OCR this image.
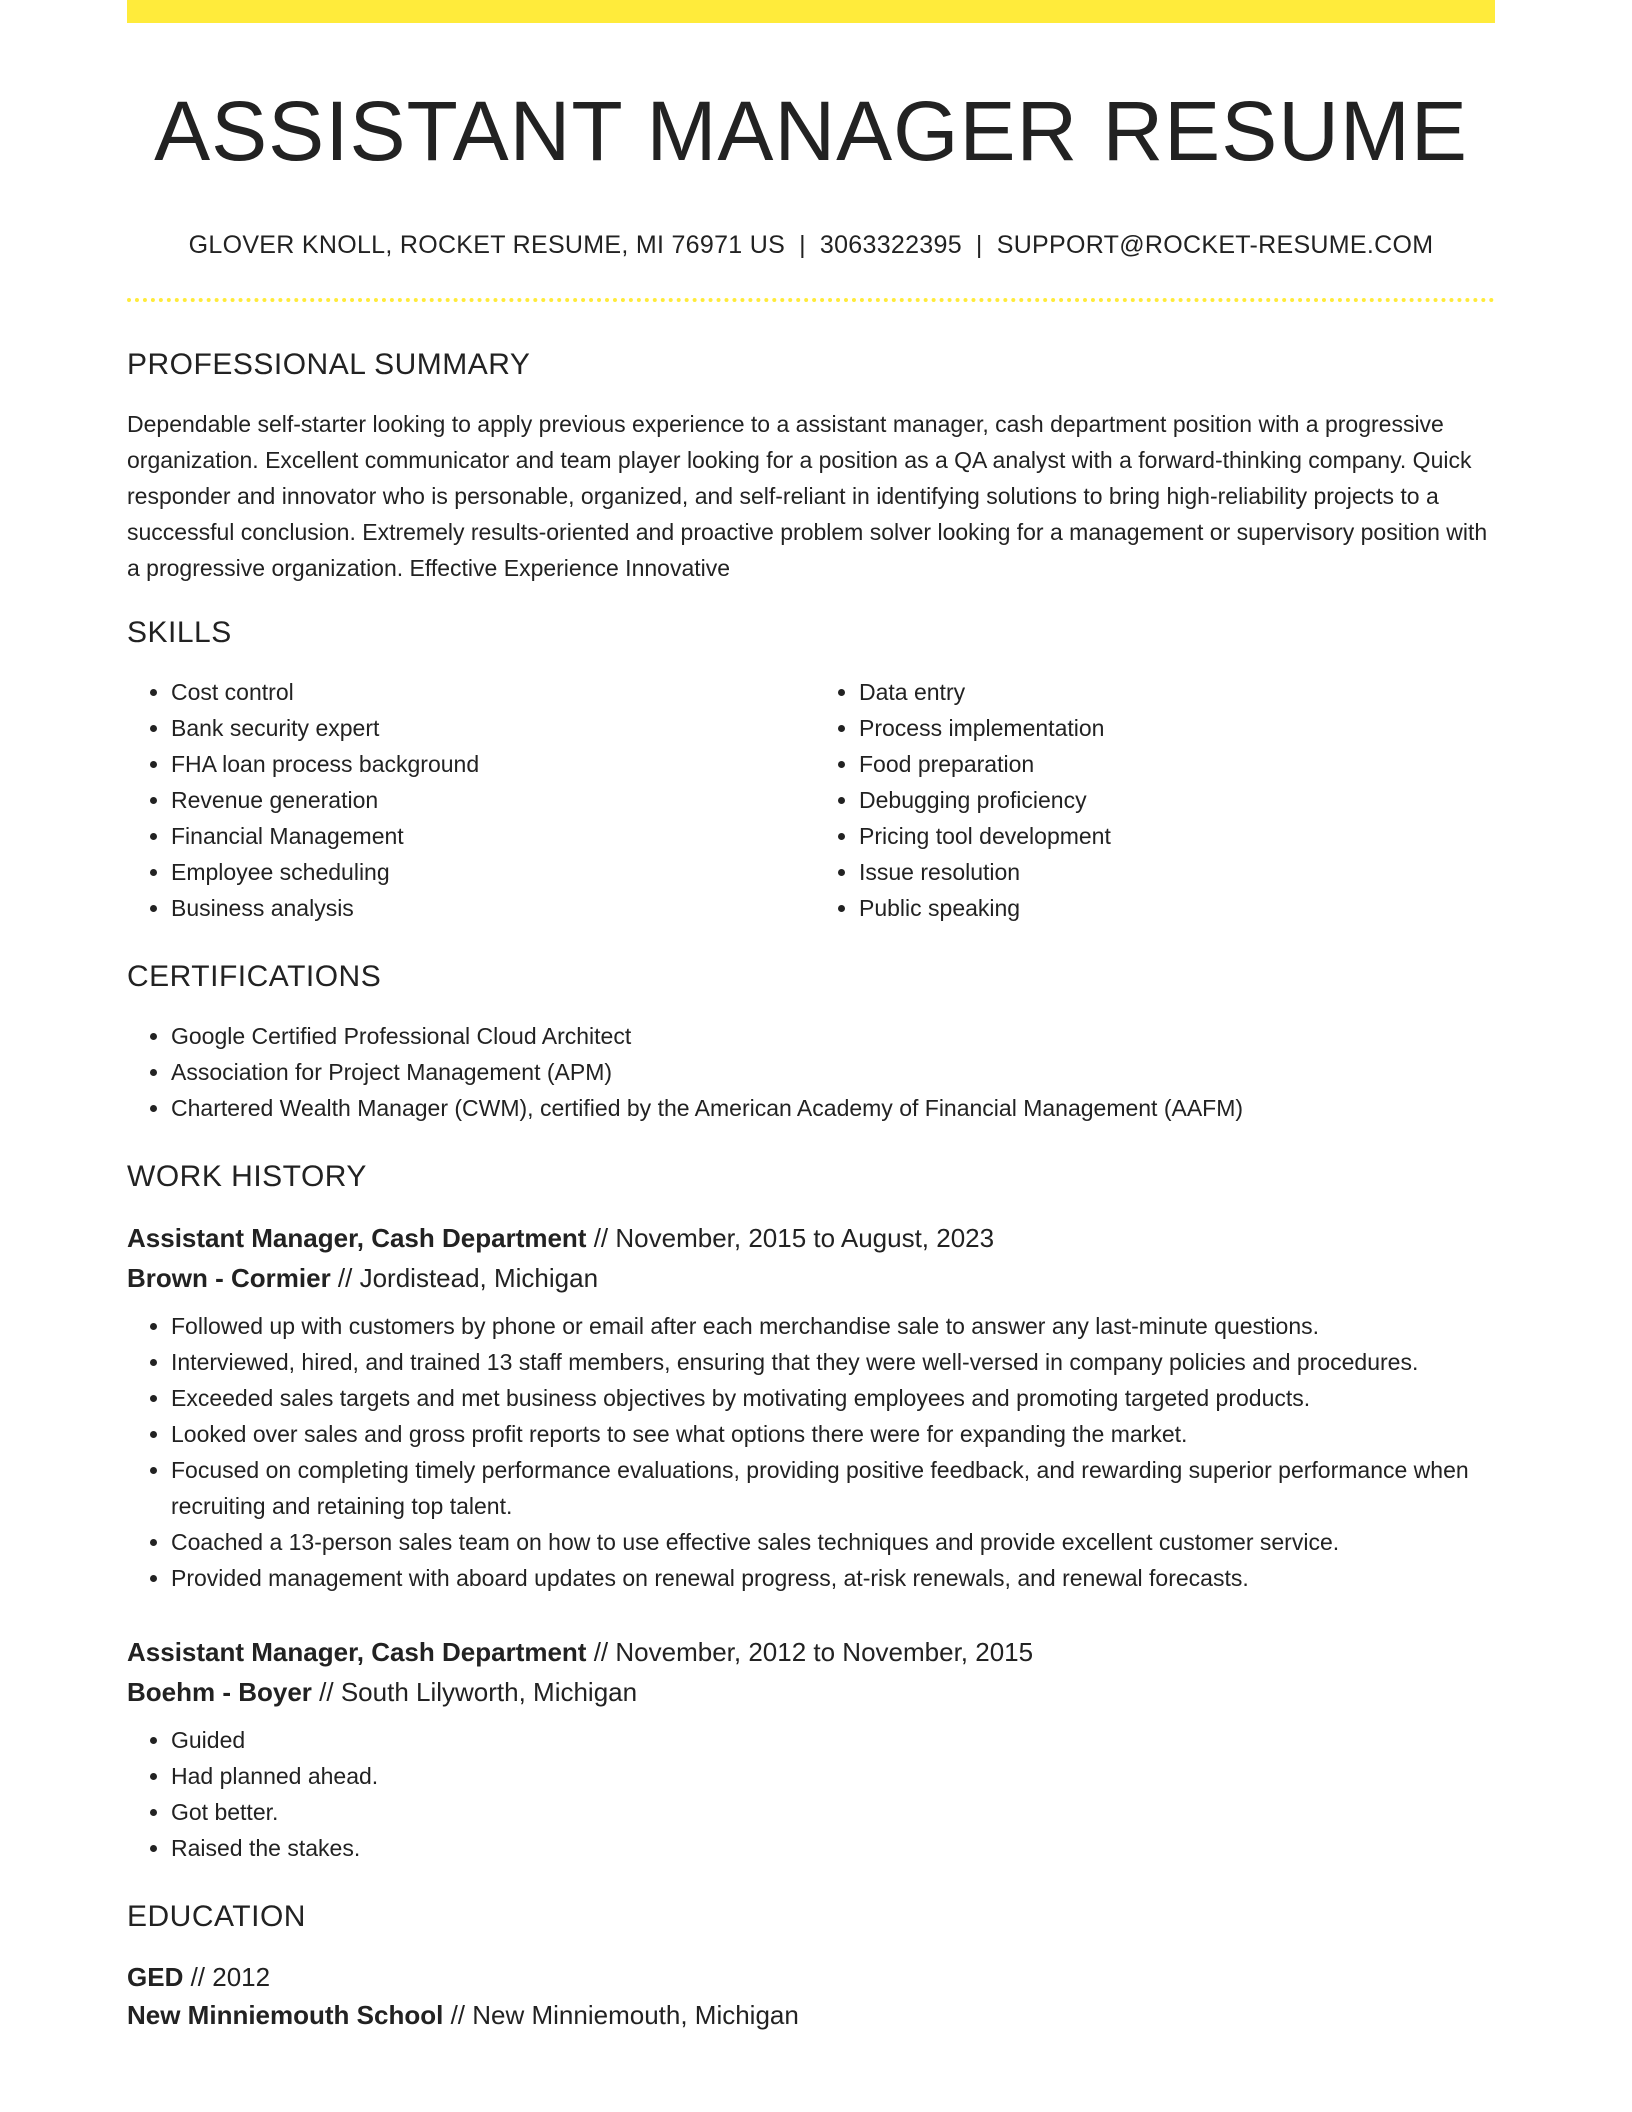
ASSISTANT MANAGER RESUME
GLOVER KNOLL, ROCKET RESUME, MI 76971 US | 3063322395 | SUPPORT@ROCKET-RESUME.COM
PROFESSIONAL SUMMARY

Dependable self-starter looking to apply previous experience to a assistant manager, cash department position with a progressive organization. Excellent communicator and team player looking for a position as a QA analyst with a forward-thinking company. Quick responder and innovator who is personable, organized, and self-reliant in identifying solutions to bring high-reliability projects to a successful conclusion. Extremely results-oriented and proactive problem solver looking for a management or supervisory position with a progressive organization. Effective Experience Innovative

SKILLS
• Cost control
• Bank security expert
• FHA loan process background
• Revenue generation
• Financial Management
• Employee scheduling
• Business analysis
• Data entry
• Process implementation
• Food preparation
• Debugging proficiency
• Pricing tool development
• Issue resolution
• Public speaking
CERTIFICATIONS
• Google Certified Professional Cloud Architect
• Association for Project Management (APM)
• Chartered Wealth Manager (CWM), certified by the American Academy of Financial Management (AAFM)
WORK HISTORY
Assistant Manager, Cash Department // November, 2015 to August, 2023
Brown - Cormier // Jordistead, Michigan
• Followed up with customers by phone or email after each merchandise sale to answer any last-minute questions.
• Interviewed, hired, and trained 13 staff members, ensuring that they were well-versed in company policies and procedures.
• Exceeded sales targets and met business objectives by motivating employees and promoting targeted products.
• Looked over sales and gross profit reports to see what options there were for expanding the market.
• Focused on completing timely performance evaluations, providing positive feedback, and rewarding superior performance when recruiting and retaining top talent.
• Coached a 13-person sales team on how to use effective sales techniques and provide excellent customer service.
• Provided management with aboard updates on renewal progress, at-risk renewals, and renewal forecasts.
Assistant Manager, Cash Department // November, 2012 to November, 2015
Boehm - Boyer // South Lilyworth, Michigan
• Guided
• Had planned ahead.
• Got better.
• Raised the stakes.
EDUCATION
GED // 2012
New Minniemouth School // New Minniemouth, Michigan
